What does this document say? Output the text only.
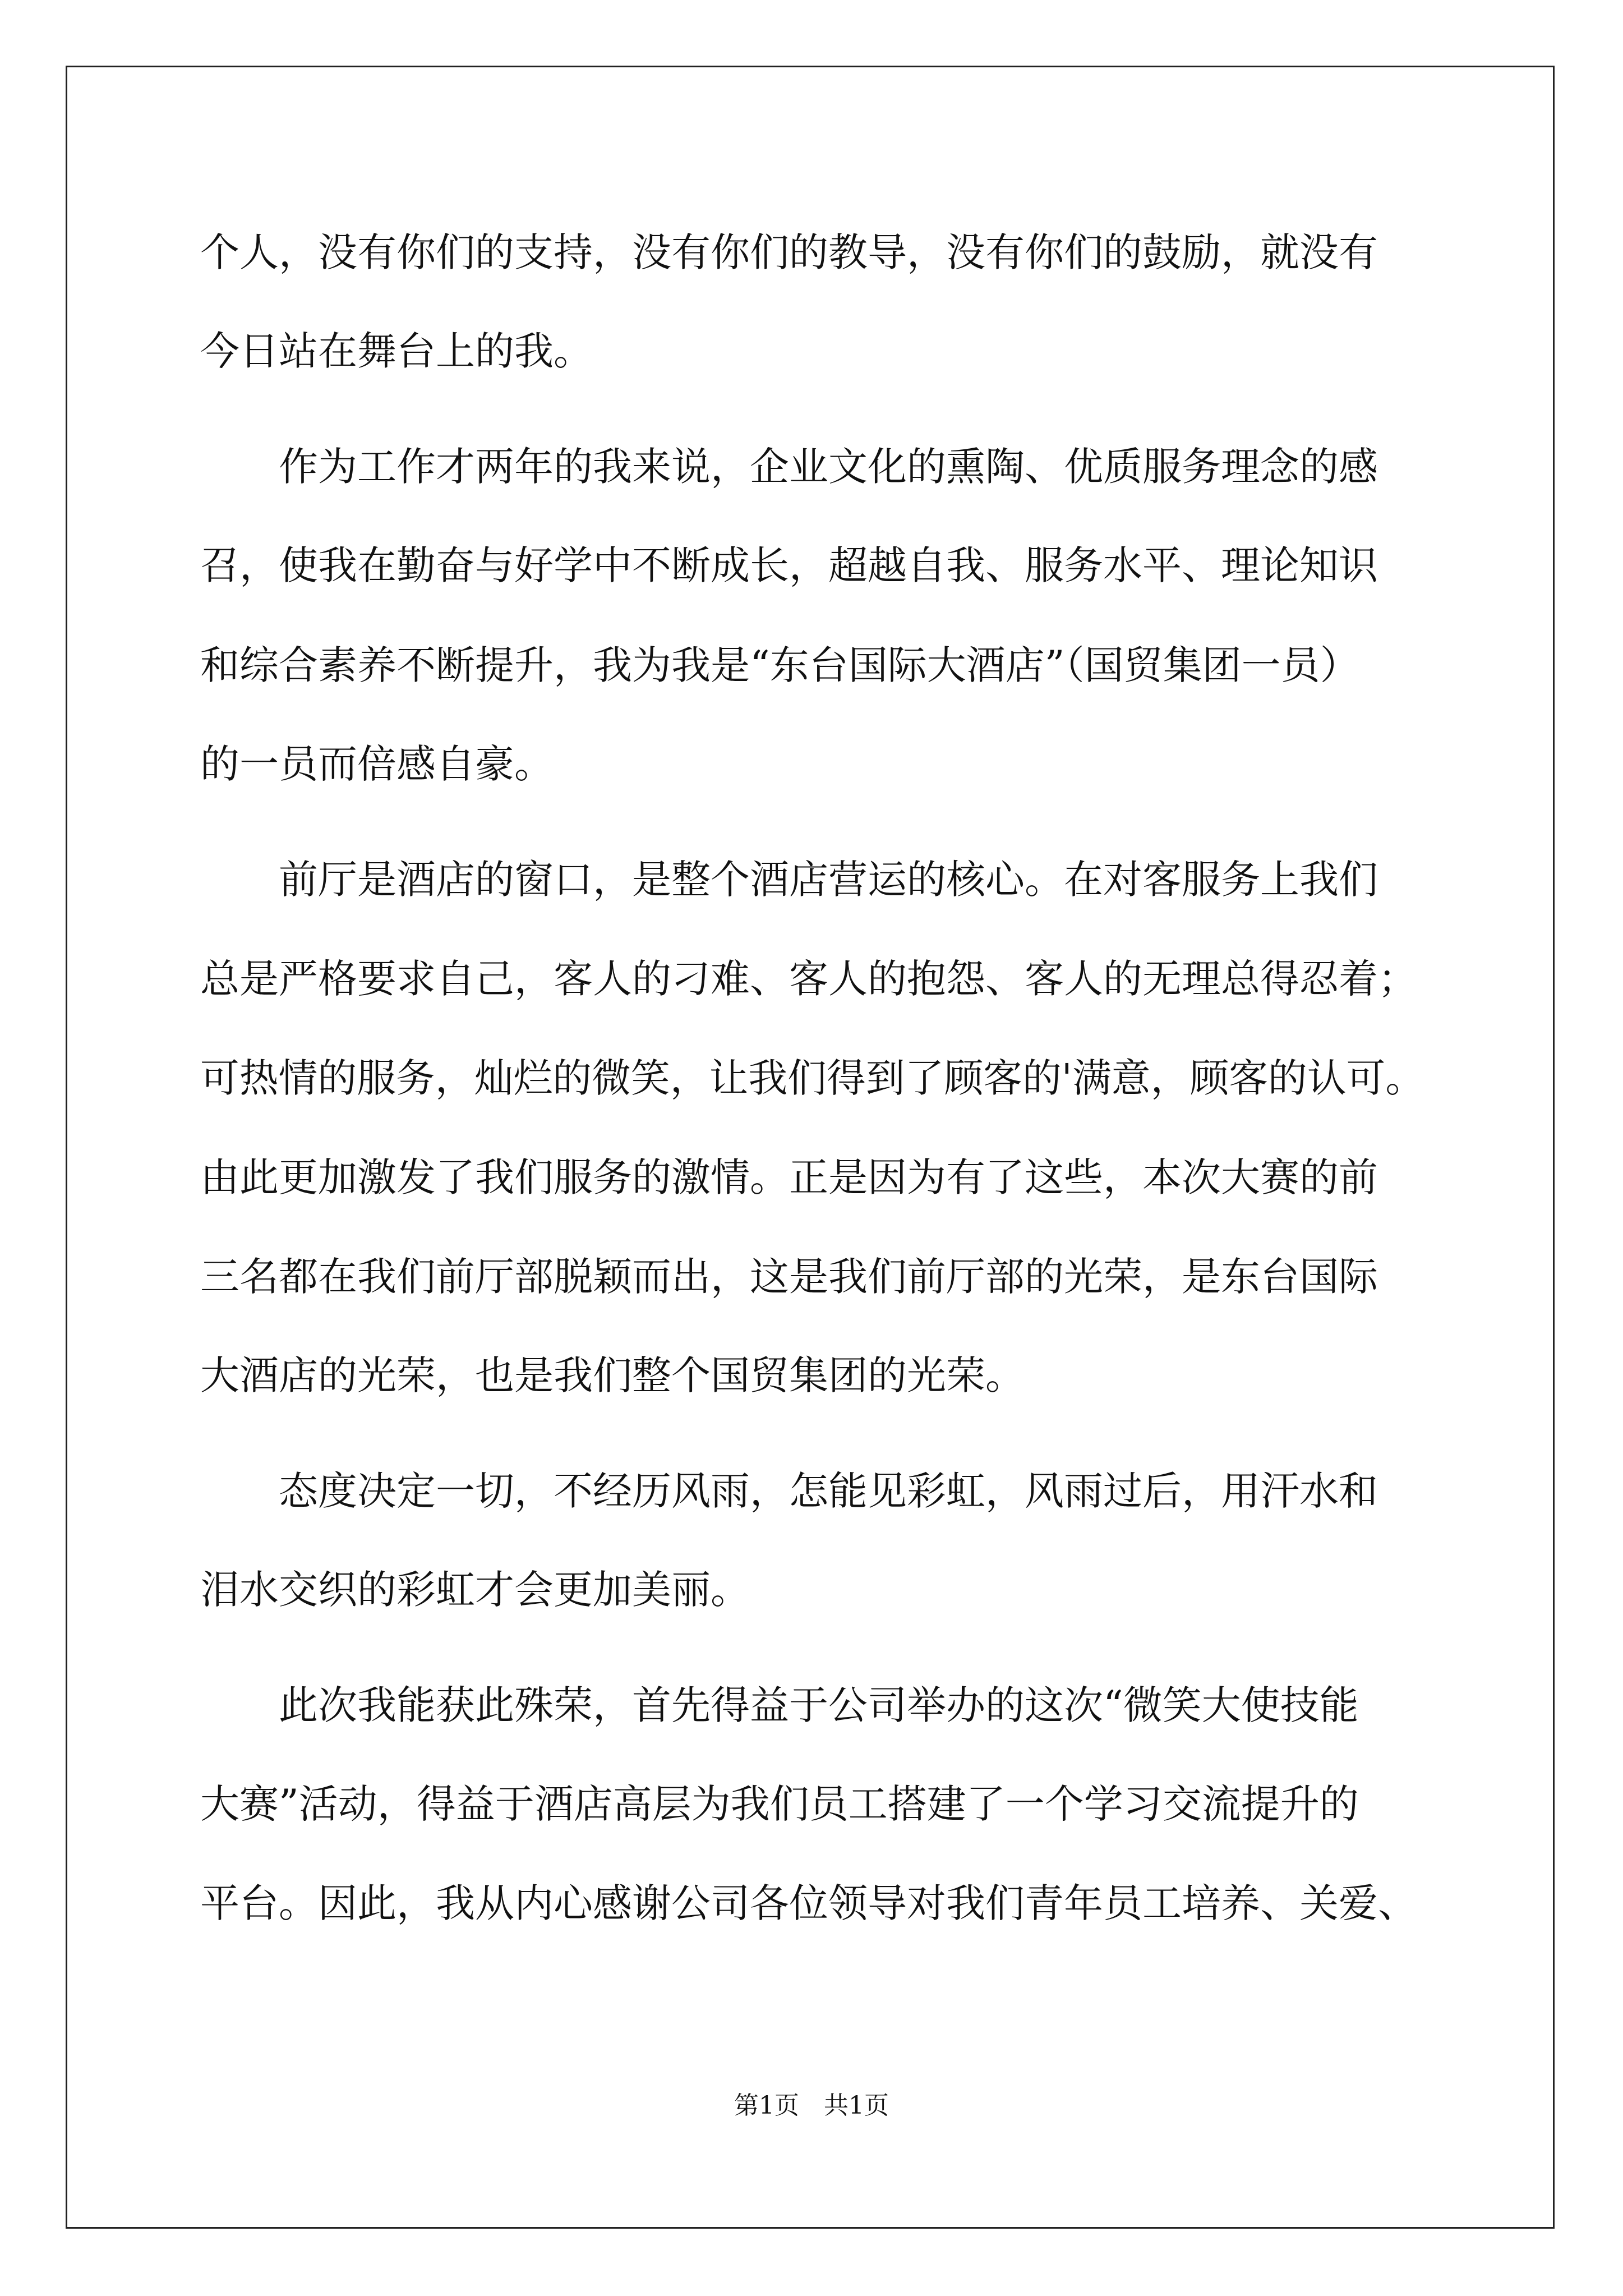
个人，没有你们的支持，没有你们的教导，没有你们的鼓励，就没有
今日站在舞台上的我。
　　作为工作才两年的我来说，企业文化的熏陶、优质服务理念的感
召，使我在勤奋与好学中不断成长，超越自我、服务水平、理论知识
和综合素养不断提升，我为我是“东台国际大酒店”（国贸集团一员）
的一员而倍感自豪。
　　前厅是酒店的窗口，是整个酒店营运的核心。在对客服务上我们
总是严格要求自己，客人的刁难、客人的抱怨、客人的无理总得忍着；
可热情的服务，灿烂的微笑，让我们得到了顾客的'满意，顾客的认可。
由此更加激发了我们服务的激情。正是因为有了这些，本次大赛的前
三名都在我们前厅部脱颖而出，这是我们前厅部的光荣，是东台国际
大酒店的光荣，也是我们整个国贸集团的光荣。
　　态度决定一切，不经历风雨，怎能见彩虹，风雨过后，用汗水和
泪水交织的彩虹才会更加美丽。
　　此次我能获此殊荣，首先得益于公司举办的这次“微笑大使技能
大赛”活动，得益于酒店高层为我们员工搭建了一个学习交流提升的
平台。因此，我从内心感谢公司各位领导对我们青年员工培养、关爱、
第1页　共1页
